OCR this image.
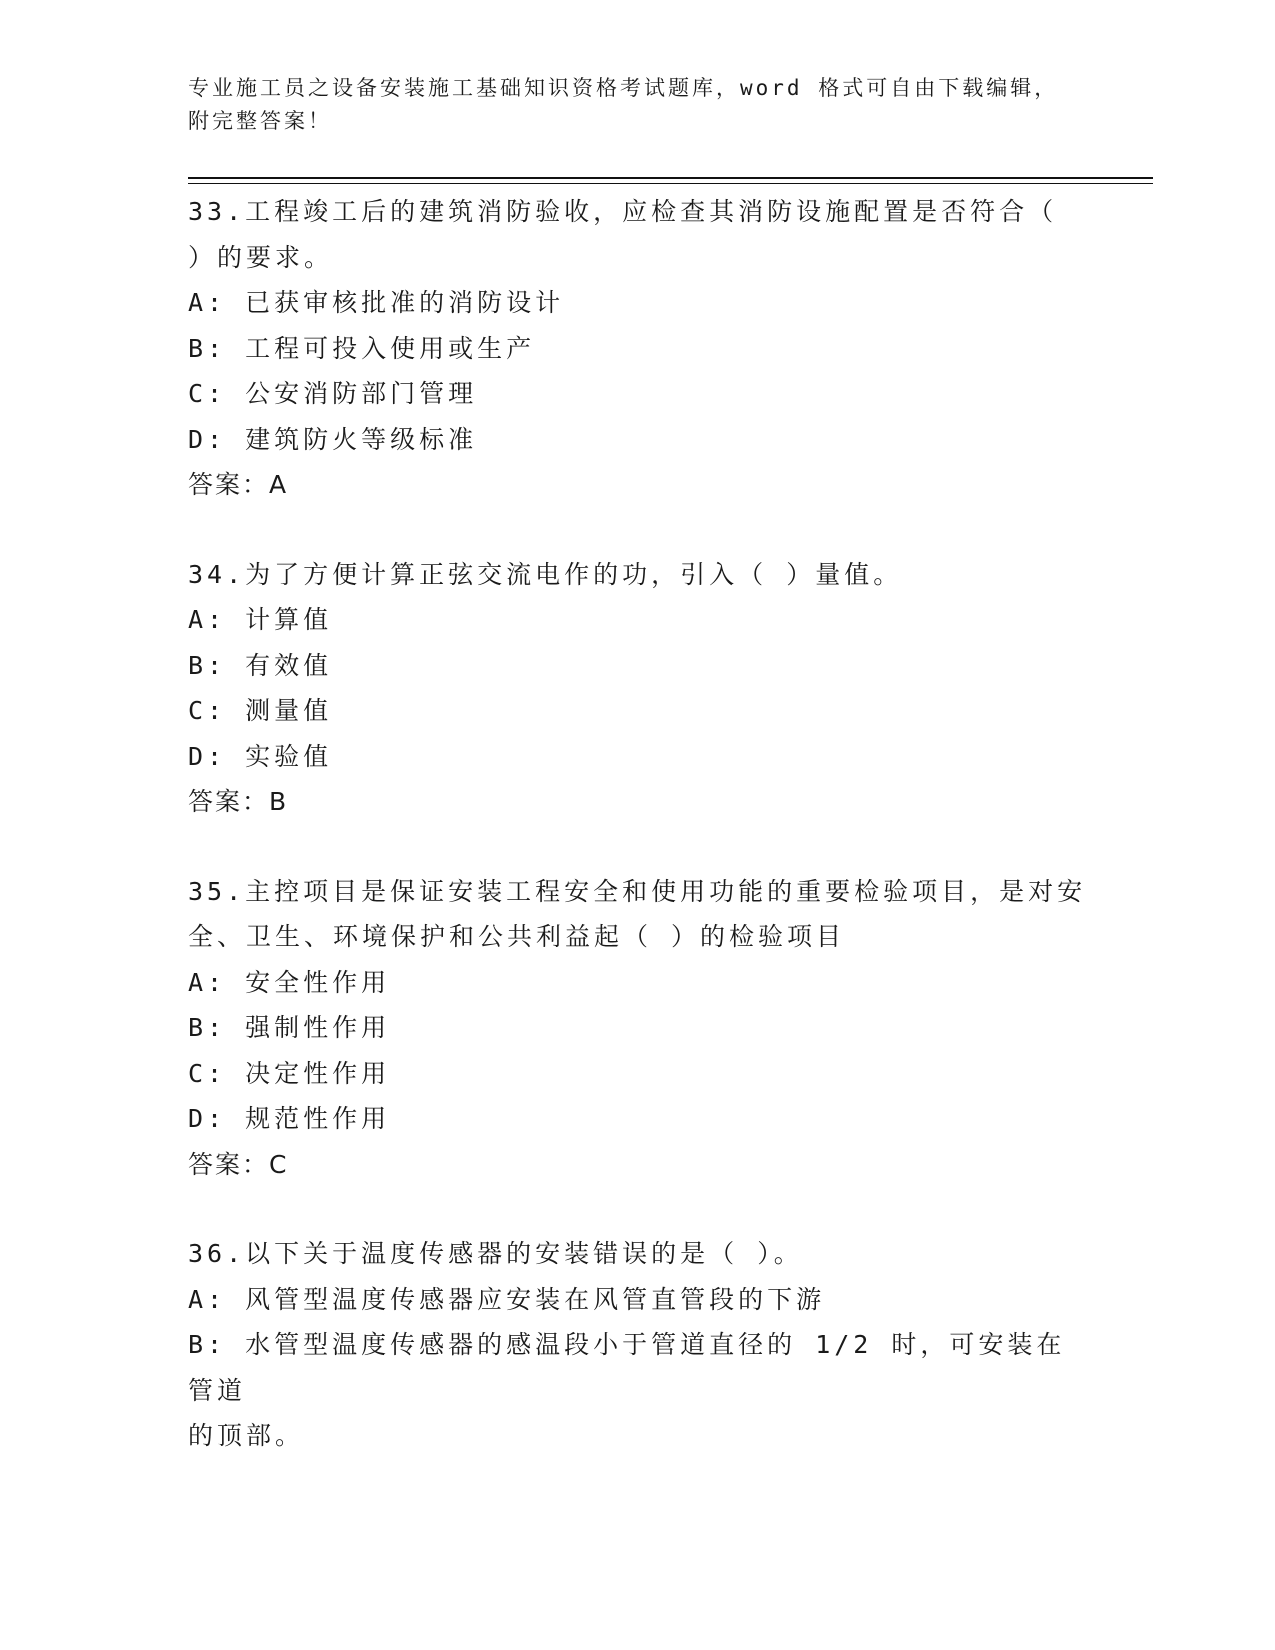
专业施工员之设备安装施工基础知识资格考试题库，word 格式可自由下载编辑，
附完整答案！
33.工程竣工后的建筑消防验收，应检查其消防设施配置是否符合（
）的要求。
A: 已获审核批准的消防设计
B: 工程可投入使用或生产
C: 公安消防部门管理
D: 建筑防火等级标准
答案：A
34.为了方便计算正弦交流电作的功，引入（ ）量值。
A: 计算值
B: 有效值
C: 测量值
D: 实验值
答案：B
35.主控项目是保证安装工程安全和使用功能的重要检验项目，是对安
全、卫生、环境保护和公共利益起（ ）的检验项目
A: 安全性作用
B: 强制性作用
C: 决定性作用
D: 规范性作用
答案：C
36.以下关于温度传感器的安装错误的是（ ）。
A: 风管型温度传感器应安装在风管直管段的下游
B: 水管型温度传感器的感温段小于管道直径的 1/2 时，可安装在管道
的顶部。
